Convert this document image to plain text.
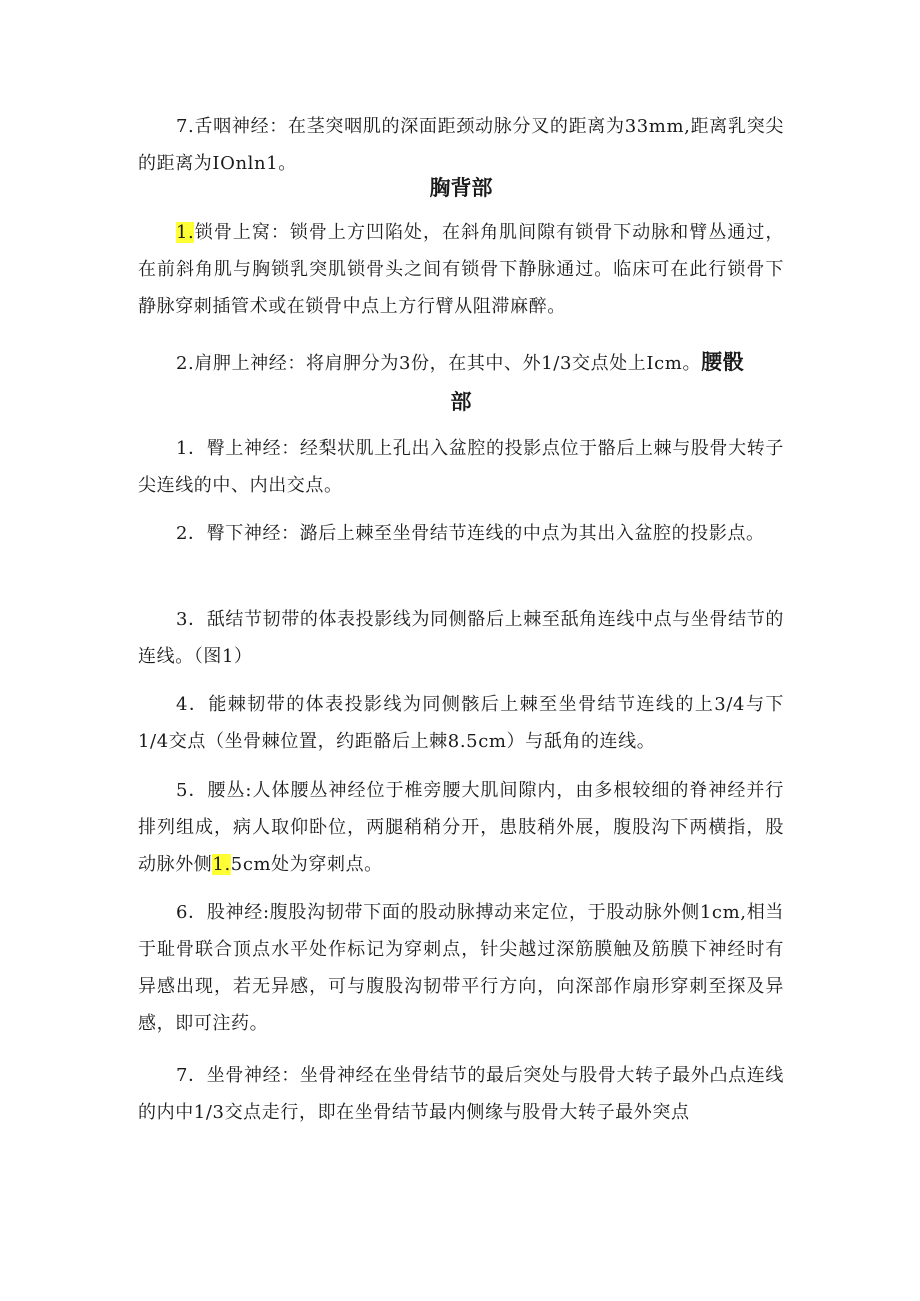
7.舌咽神经：在茎突咽肌的深面距颈动脉分叉的距离为33mm,距离乳突尖的距离为IOnln1。

胸背部

1.锁骨上窝：锁骨上方凹陷处，在斜角肌间隙有锁骨下动脉和臂丛通过，在前斜角肌与胸锁乳突肌锁骨头之间有锁骨下静脉通过。临床可在此行锁骨下静脉穿刺插管术或在锁骨中点上方行臂从阻滞麻醉。

2.肩胛上神经：将肩胛分为3份，在其中、外1/3交点处上Icm。腰骰

部

1．臀上神经：经梨状肌上孔出入盆腔的投影点位于骼后上棘与股骨大转子尖连线的中、内出交点。

2．臀下神经：潞后上棘至坐骨结节连线的中点为其出入盆腔的投影点。

3．舐结节韧带的体表投影线为同侧骼后上棘至舐角连线中点与坐骨结节的连线。（图1）

4．能棘韧带的体表投影线为同侧骸后上棘至坐骨结节连线的上3/4与下1/4交点（坐骨棘位置，约距骼后上棘8.5cm）与舐角的连线。

5．腰丛:人体腰丛神经位于椎旁腰大肌间隙内，由多根较细的脊神经并行排列组成，病人取仰卧位，两腿稍稍分开，患肢稍外展，腹股沟下两横指，股动脉外侧1.5cm处为穿刺点。

6．股神经:腹股沟韧带下面的股动脉搏动来定位，于股动脉外侧1cm,相当于耻骨联合顶点水平处作标记为穿刺点，针尖越过深筋膜触及筋膜下神经时有异感出现，若无异感，可与腹股沟韧带平行方向，向深部作扇形穿刺至探及异感，即可注药。

7．坐骨神经：坐骨神经在坐骨结节的最后突处与股骨大转子最外凸点连线的内中1/3交点走行，即在坐骨结节最内侧缘与股骨大转子最外突点
